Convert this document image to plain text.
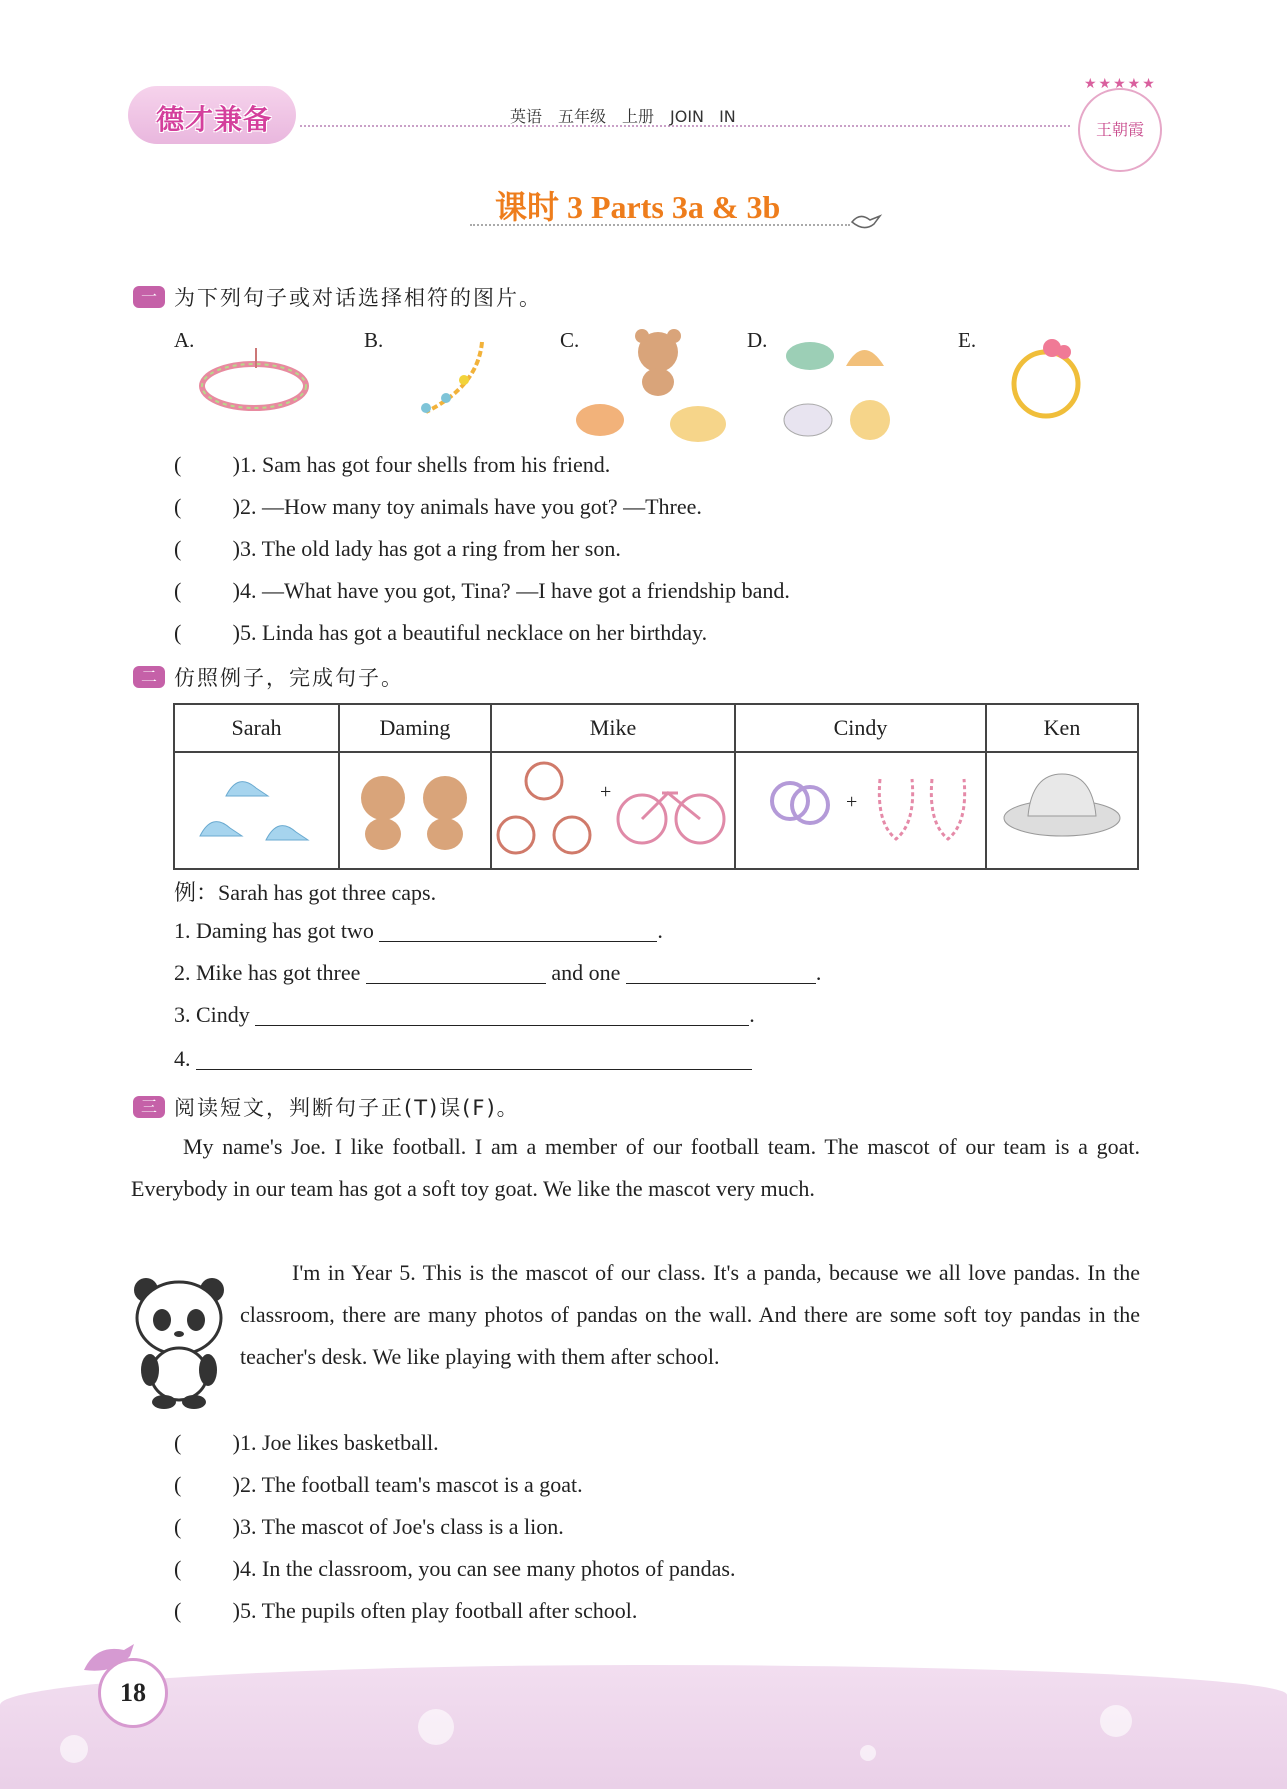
德才兼备	英语　五年级　上册　JOIN IN
★★★★★
王朝霞
课时 3 Parts 3a & 3b
一 为下列句子或对话选择相符的图片。
A.	B.	C.	D.	E.
( ) 1. Sam has got four shells from his friend.
( ) 2. —How many toy animals have you got? —Three.
( ) 3. The old lady has got a ring from her son.
( ) 4. —What have you got, Tina? —I have got a friendship band.
( ) 5. Linda has got a beautiful necklace on her birthday.
二 仿照例子，完成句子。
Sarah	Daming	Mike	Cindy	Ken

+	+

例：Sarah has got three caps.
1. Daming has got two	.
2. Mike has got three	and one	.
3. Cindy	.
4.
三 阅读短文，判断句子正(T)误(F)。
My name's Joe. I like football. I am a member of our football team. The mascot of our team is a goat. Everybody in our team has got a soft toy goat. We like the mascot very much.
I'm in Year 5. This is the mascot of our class. It's a panda, because we all love pandas. In the classroom, there are many photos of pandas on the wall. And there are some soft toy pandas in the teacher's desk. We like playing with them after school.
( ) 1. Joe likes basketball.
( ) 2. The football team's mascot is a goat.
( ) 3. The mascot of Joe's class is a lion.
( ) 4. In the classroom, you can see many photos of pandas.
( ) 5. The pupils often play football after school.
18
